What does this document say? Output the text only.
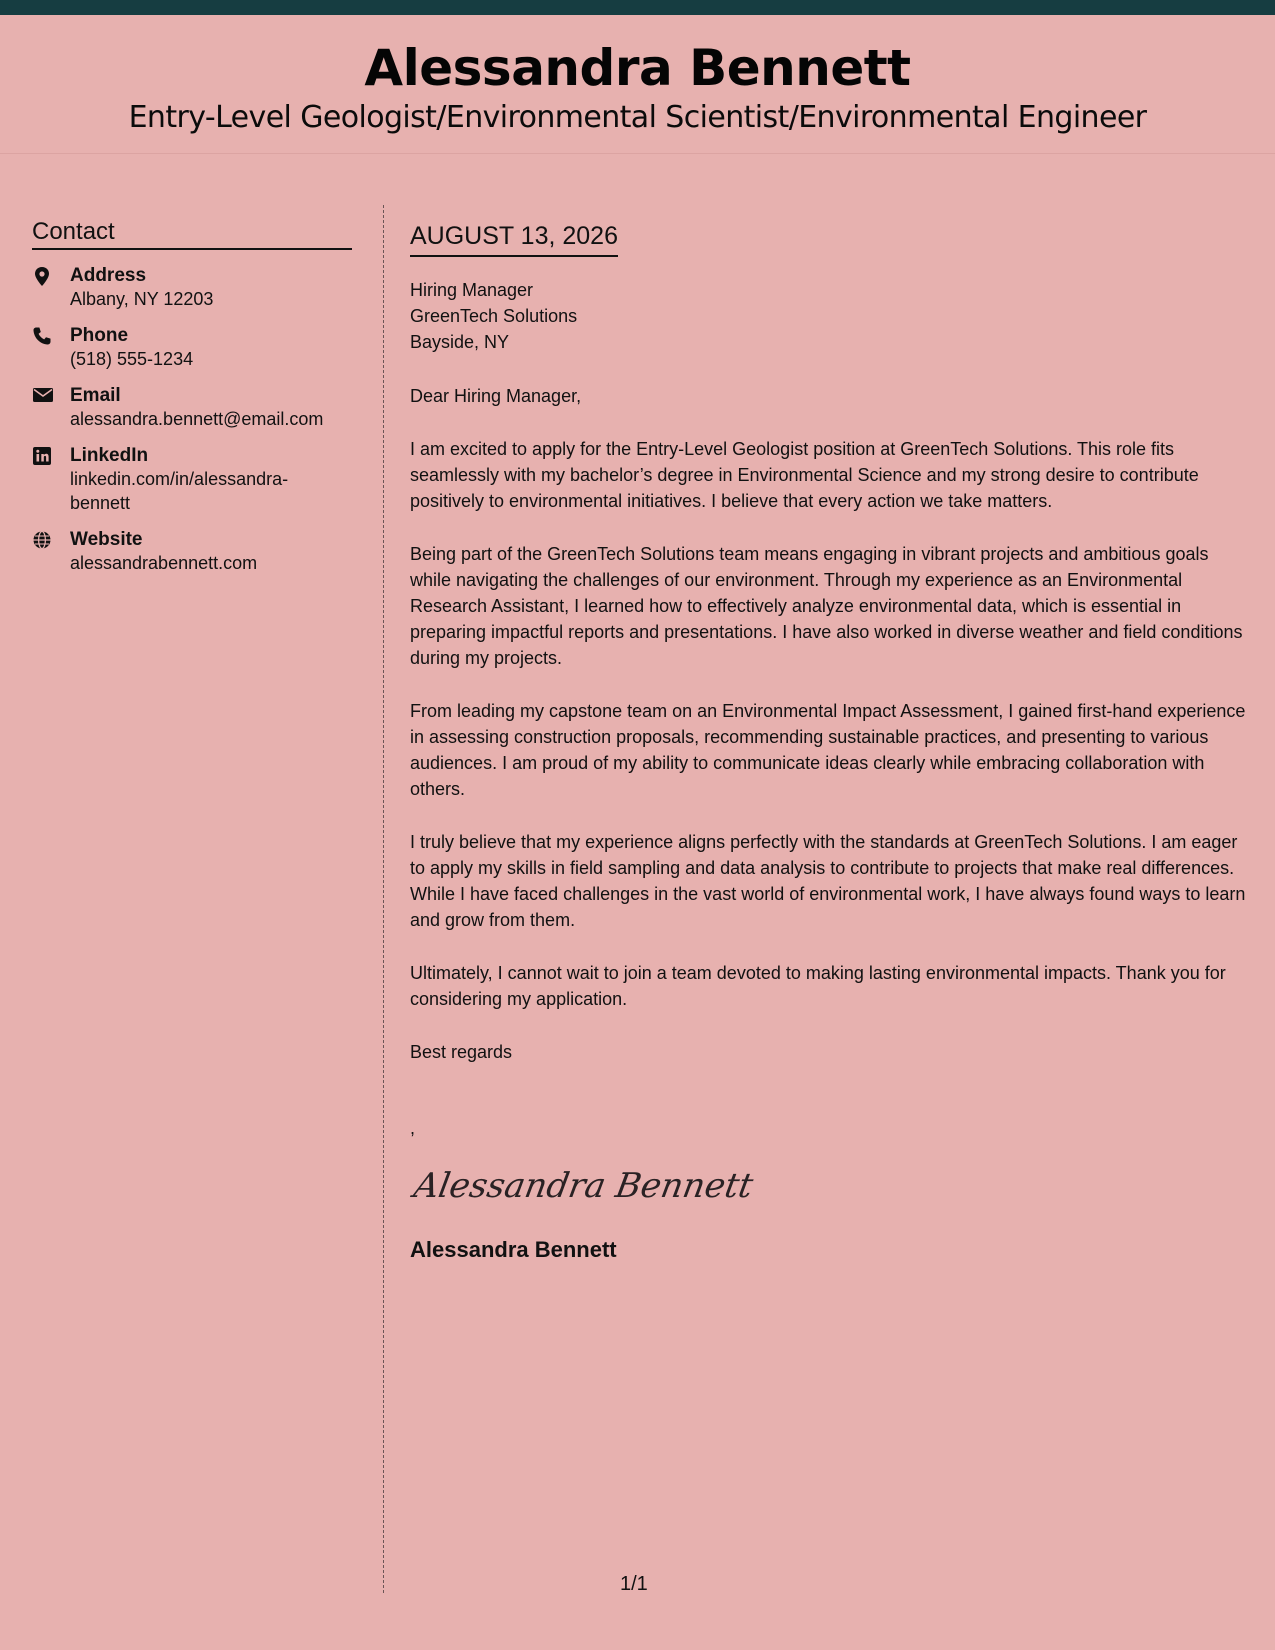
Alessandra Bennett
Entry-Level Geologist/Environmental Scientist/Environmental Engineer
Contact
Address
Albany, NY 12203
Phone
(518) 555-1234
Email
alessandra.bennett@email.com
LinkedIn
linkedin.com/in/alessandra-bennett
Website
alessandrabennett.com
AUGUST 13, 2026
Hiring Manager
GreenTech Solutions
Bayside, NY
Dear Hiring Manager,

I am excited to apply for the Entry-Level Geologist position at GreenTech Solutions. This role fits seamlessly with my bachelor’s degree in Environmental Science and my strong desire to contribute positively to environmental initiatives. I believe that every action we take matters.

Being part of the GreenTech Solutions team means engaging in vibrant projects and ambitious goals while navigating the challenges of our environment. Through my experience as an Environmental Research Assistant, I learned how to effectively analyze environmental data, which is essential in preparing impactful reports and presentations. I have also worked in diverse weather and field conditions during my projects.

From leading my capstone team on an Environmental Impact Assessment, I gained first-hand experience in assessing construction proposals, recommending sustainable practices, and presenting to various audiences. I am proud of my ability to communicate ideas clearly while embracing collaboration with others.

I truly believe that my experience aligns perfectly with the standards at GreenTech Solutions. I am eager to apply my skills in field sampling and data analysis to contribute to projects that make real differences. While I have faced challenges in the vast world of environmental work, I have always found ways to learn and grow from them.

Ultimately, I cannot wait to join a team devoted to making lasting environmental impacts. Thank you for considering my application.

Best regards
,
Alessandra Bennett
Alessandra Bennett
1/1
